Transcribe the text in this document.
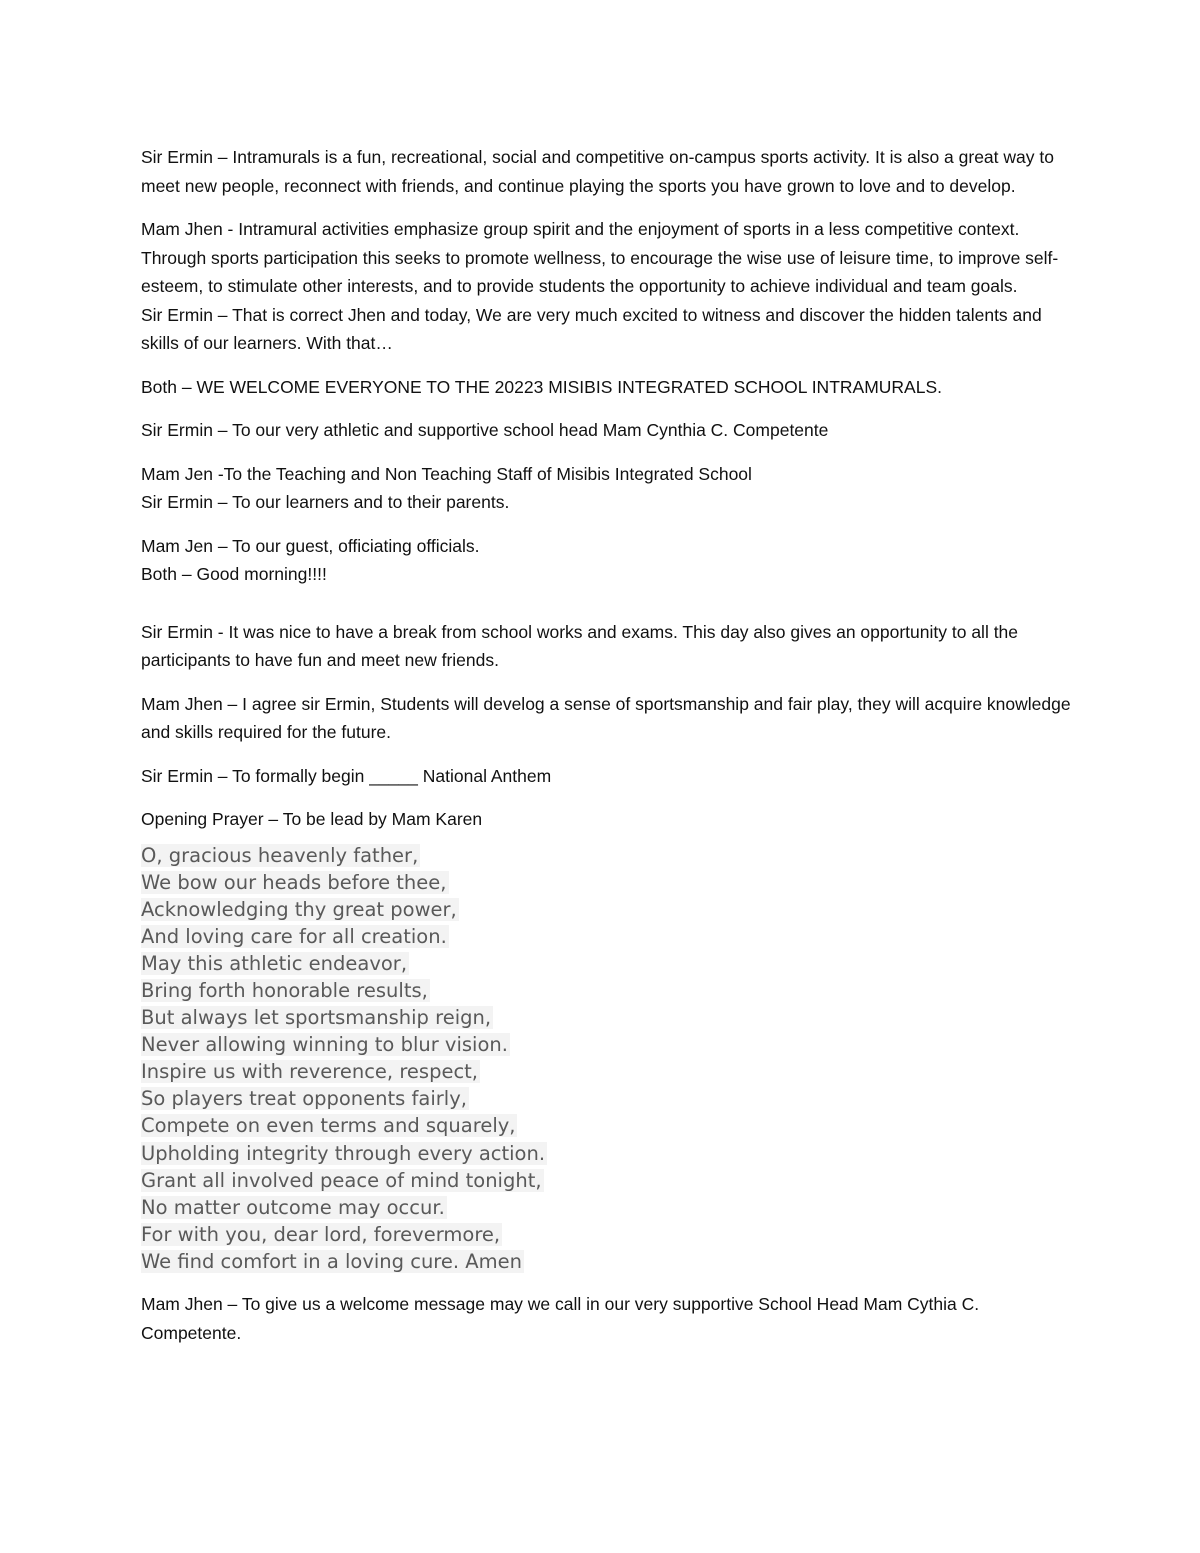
Sir Ermin – Intramurals is a fun, recreational, social and competitive on-campus sports activity. It is also a great way to meet new people, reconnect with friends, and continue playing the sports you have grown to love and to develop.

Mam Jhen - Intramural activities emphasize group spirit and the enjoyment of sports in a less competitive context. Through sports participation this seeks to promote wellness, to encourage the wise use of leisure time, to improve self-esteem, to stimulate other interests, and to provide students the opportunity to achieve individual and team goals.

Sir Ermin – That is correct Jhen and today, We are very much excited to witness and discover the hidden talents and skills of our learners. With that…

Both – WE WELCOME EVERYONE TO THE 20223 MISIBIS INTEGRATED SCHOOL INTRAMURALS.

Sir Ermin – To our very athletic and supportive school head Mam Cynthia C. Competente

Mam Jen -To the Teaching and Non Teaching Staff of Misibis Integrated School

Sir Ermin – To our learners and to their parents.

Mam Jen – To our guest, officiating officials.

Both – Good morning!!!!

Sir Ermin - It was nice to have a break from school works and exams. This day also gives an opportunity to all the participants to have fun and meet new friends.

Mam Jhen – I agree sir Ermin, Students will develog a sense of sportsmanship and fair play, they will acquire knowledge and skills required for the future.

Sir Ermin – To formally begin _____ National Anthem

Opening Prayer – To be lead by Mam Karen

O, gracious heavenly father,
We bow our heads before thee,
Acknowledging thy great power,
And loving care for all creation.
May this athletic endeavor,
Bring forth honorable results,
But always let sportsmanship reign,
Never allowing winning to blur vision.
Inspire us with reverence, respect,
So players treat opponents fairly,
Compete on even terms and squarely,
Upholding integrity through every action.
Grant all involved peace of mind tonight,
No matter outcome may occur.
For with you, dear lord, forevermore,
We find comfort in a loving cure. Amen

Mam Jhen – To give us a welcome message may we call in our very supportive School Head Mam Cythia C. Competente.
